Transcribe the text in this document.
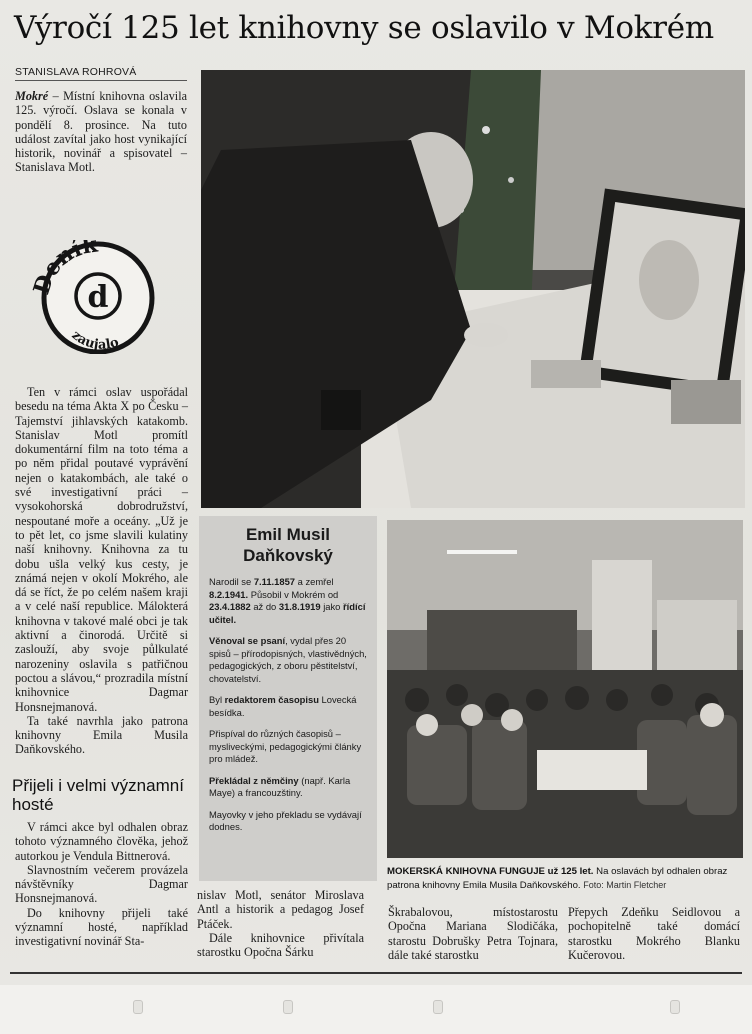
Výročí 125 let knihovny se oslavilo v Mokrém
STANISLAVA ROHROVÁ

Mokré – Místní knihovna oslavila 125. výročí. Oslava se konala v pondělí 8. prosince. Na tuto událost zavítal jako host vynikající historik, novinář a spisovatel – Stanislava Motl.

Deník
d
zaujalo

Ten v rámci oslav uspořádal besedu na téma Akta X po Česku – Tajemství jihlavských katakomb. Stanislav Motl promítl dokumentární film na toto téma a po něm přidal poutavé vyprávění nejen o katakombách, ale také o své investigativní práci – vysokohorská dobrodružství, nespoutané moře a oceány. „Už je to pět let, co jsme slavili kulatiny naší knihovny. Knihovna za tu dobu ušla velký kus cesty, je známá nejen v okolí Mokrého, ale dá se říct, že po celém našem kraji a v celé naší republice. Málokterá knihovna v takové malé obci je tak aktivní a činorodá. Určitě si zaslouží, aby svoje půlkulaté narozeniny oslavila s patřičnou poctou a slávou,“ prozradila místní knihovnice Dagmar Honsnejmanová.

Ta také navrhla jako patrona knihovny Emila Musila Daňkovského.

Přijeli i velmi významní hosté

V rámci akce byl odhalen obraz tohoto významného člověka, jehož autorkou je Vendula Bittnerová.

Slavnostním večerem provázela návštěvníky Dagmar Honsnejmanová.

Do knihovny přijeli také významní hosté, například investigativní novinář Sta-

Emil Musil
Daňkovský

Narodil se 7.11.1857 a zemřel 8.2.1941. Působil v Mokrém od 23.4.1882 až do 31.8.1919 jako řídící učitel.

Věnoval se psaní, vydal přes 20 spisů – přírodopisných, vlastivědných, pedagogických, z oboru pěstitelství, chovatelství.

Byl redaktorem časopisu Lovecká besídka.

Přispíval do různých časopisů – mysliveckými, pedagogickými články pro mládež.

Překládal z němčiny (např. Karla Maye) a francouzštiny.

Mayovky v jeho překladu se vydávají dodnes.

MOKERSKÁ KNIHOVNA FUNGUJE už 125 let. Na oslavách byl odhalen obraz patrona knihovny Emila Musila Daňkovského. Foto: Martin Fletcher

nislav Motl, senátor Miroslava Antl a historik a pedagog Josef Ptáček.

Dále knihovnice přivítala starostku Opočna Šárku

Škrabalovou, místostarostu Opočna Mariana Slodičáka, starostu Dobrušky Petra Tojnara, dále také starostku

Přepych Zdeňku Seidlovou a pochopitelně také domácí starostku Mokrého Blanku Kučerovou.
